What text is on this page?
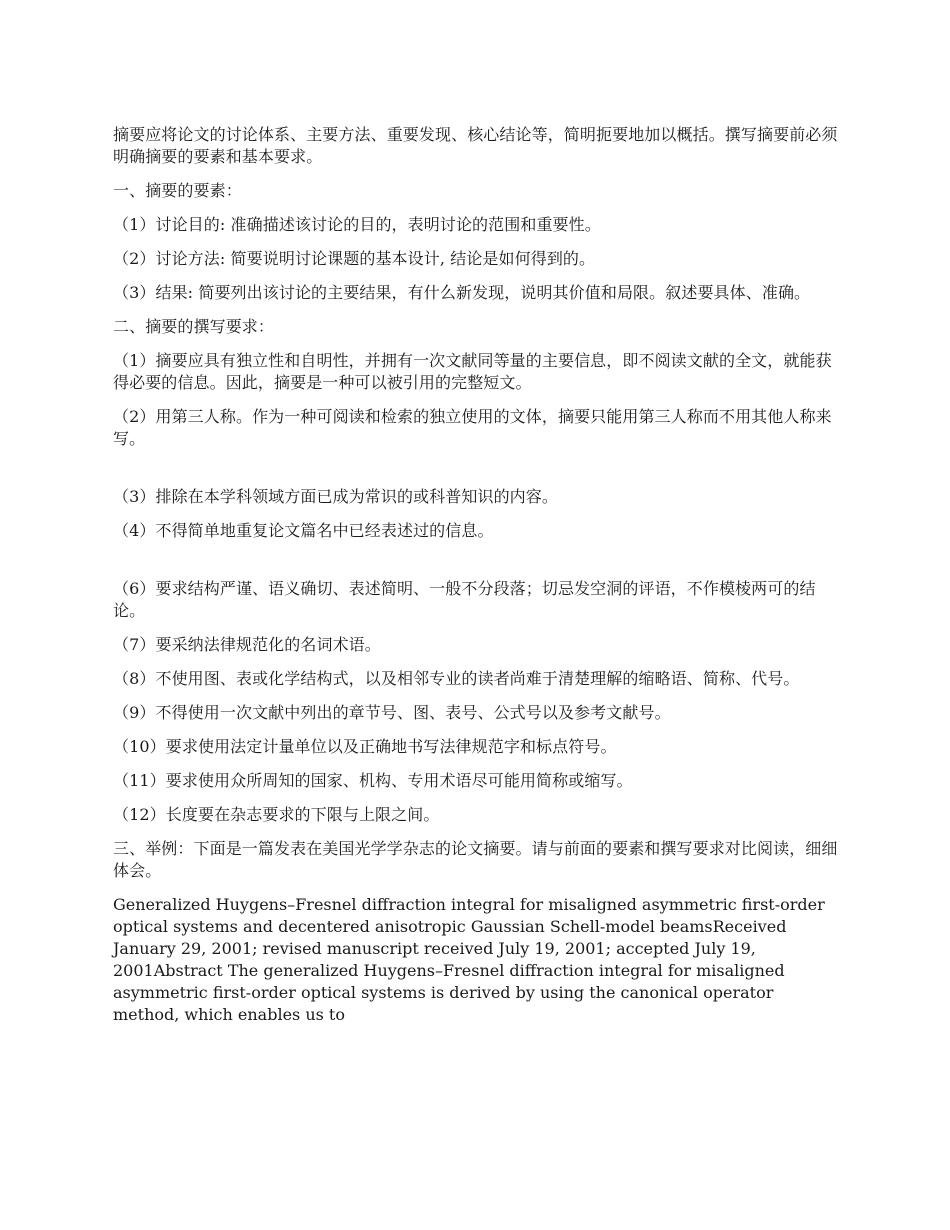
摘要应将论文的讨论体系、主要方法、重要发现、核心结论等，简明扼要地加以概括。撰写摘要前必须明确摘要的要素和基本要求。

一、摘要的要素：

（1）讨论目的: 准确描述该讨论的目的，表明讨论的范围和重要性。

（2）讨论方法: 简要说明讨论课题的基本设计, 结论是如何得到的。

（3）结果: 简要列出该讨论的主要结果，有什么新发现，说明其价值和局限。叙述要具体、准确。

二、摘要的撰写要求：

（1）摘要应具有独立性和自明性，并拥有一次文献同等量的主要信息，即不阅读文献的全文，就能获得必要的信息。因此，摘要是一种可以被引用的完整短文。

（2）用第三人称。作为一种可阅读和检索的独立使用的文体，摘要只能用第三人称而不用其他人称来写。

（3）排除在本学科领域方面已成为常识的或科普知识的内容。

（4）不得简单地重复论文篇名中已经表述过的信息。

（6）要求结构严谨、语义确切、表述简明、一般不分段落；切忌发空洞的评语，不作模棱两可的结论。

（7）要采纳法律规范化的名词术语。

（8）不使用图、表或化学结构式，以及相邻专业的读者尚难于清楚理解的缩略语、简称、代号。

（9）不得使用一次文献中列出的章节号、图、表号、公式号以及参考文献号。

（10）要求使用法定计量单位以及正确地书写法律规范字和标点符号。

（11）要求使用众所周知的国家、机构、专用术语尽可能用简称或缩写。

（12）长度要在杂志要求的下限与上限之间。

三、举例：下面是一篇发表在美国光学学杂志的论文摘要。请与前面的要素和撰写要求对比阅读，细细体会。

Generalized Huygens–Fresnel diffraction integral for misaligned asymmetric first-order optical systems and decentered anisotropic Gaussian Schell-model beamsReceived January 29, 2001; revised manuscript received July 19, 2001; accepted July 19, 2001Abstract The generalized Huygens–Fresnel diffraction integral for misaligned asymmetric first-order optical systems is derived by using the canonical operator method, which enables us to
